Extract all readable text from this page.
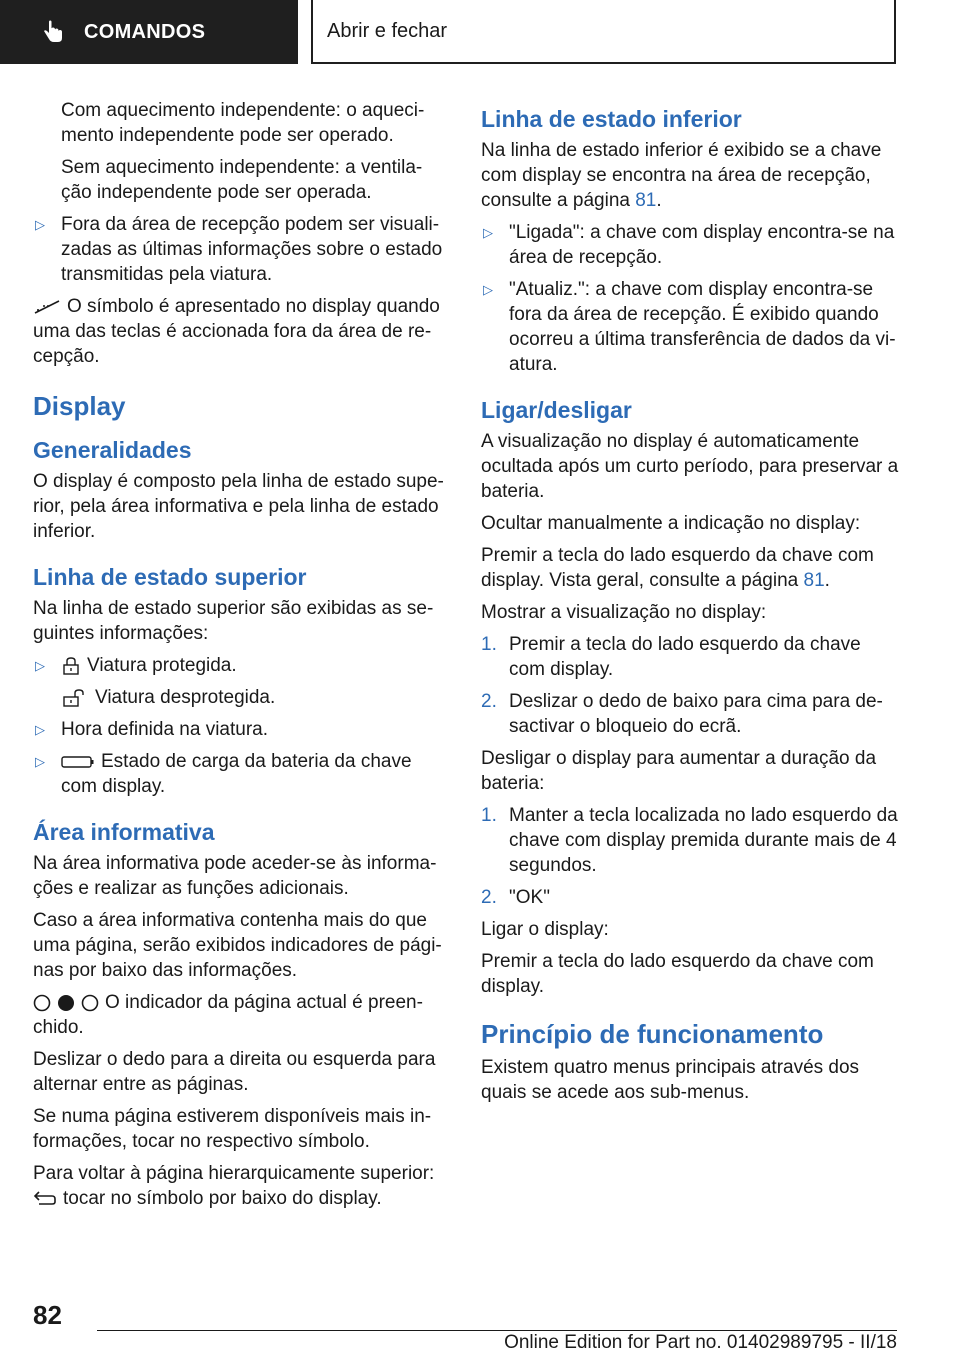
COMANDOS	Abrir e fechar
Com aquecimento independente: o aqueci-mento independente pode ser operado.
Sem aquecimento independente: a ventila-ção independente pode ser operada.
▷ Fora da área de recepção podem ser visuali-zadas as últimas informações sobre o estado transmitidas pela viatura.
O símbolo é apresentado no display quando uma das teclas é accionada fora da área de re-cepção.
Display
Generalidades
O display é composto pela linha de estado supe-rior, pela área informativa e pela linha de estado inferior.
Linha de estado superior
Na linha de estado superior são exibidas as se-guintes informações:
▷	Viatura protegida.
Viatura desprotegida.
▷ Hora definida na viatura.
▷	Estado de carga da bateria da chave com display.
Área informativa
Na área informativa pode aceder-se às informa-ções e realizar as funções adicionais.
Caso a área informativa contenha mais do que uma página, serão exibidos indicadores de pági-nas por baixo das informações.
O indicador da página actual é preen-chido.
Deslizar o dedo para a direita ou esquerda para alternar entre as páginas.
Se numa página estiverem disponíveis mais in-formações, tocar no respectivo símbolo.
Para voltar à página hierarquicamente superior:
tocar no símbolo por baixo do display.
Linha de estado inferior
Na linha de estado inferior é exibido se a chave com display se encontra na área de recepção, consulte a página 81.
▷ "Ligada": a chave com display encontra-se na área de recepção.
▷ "Atualiz.": a chave com display encontra-se fora da área de recepção. É exibido quando ocorreu a última transferência de dados da vi-atura.
Ligar/desligar
A visualização no display é automaticamente ocultada após um curto período, para preservar a bateria.
Ocultar manualmente a indicação no display:
Premir a tecla do lado esquerdo da chave com display. Vista geral, consulte a página 81.
Mostrar a visualização no display:
1. Premir a tecla do lado esquerdo da chave com display.
2. Deslizar o dedo de baixo para cima para de-sactivar o bloqueio do ecrã.
Desligar o display para aumentar a duração da bateria:
1. Manter a tecla localizada no lado esquerdo da chave com display premida durante mais de 4 segundos.
2. "OK"
Ligar o display:
Premir a tecla do lado esquerdo da chave com display.
Princípio de funcionamento
Existem quatro menus principais através dos quais se acede aos sub-menus.
82
Online Edition for Part no. 01402989795 - II/18
